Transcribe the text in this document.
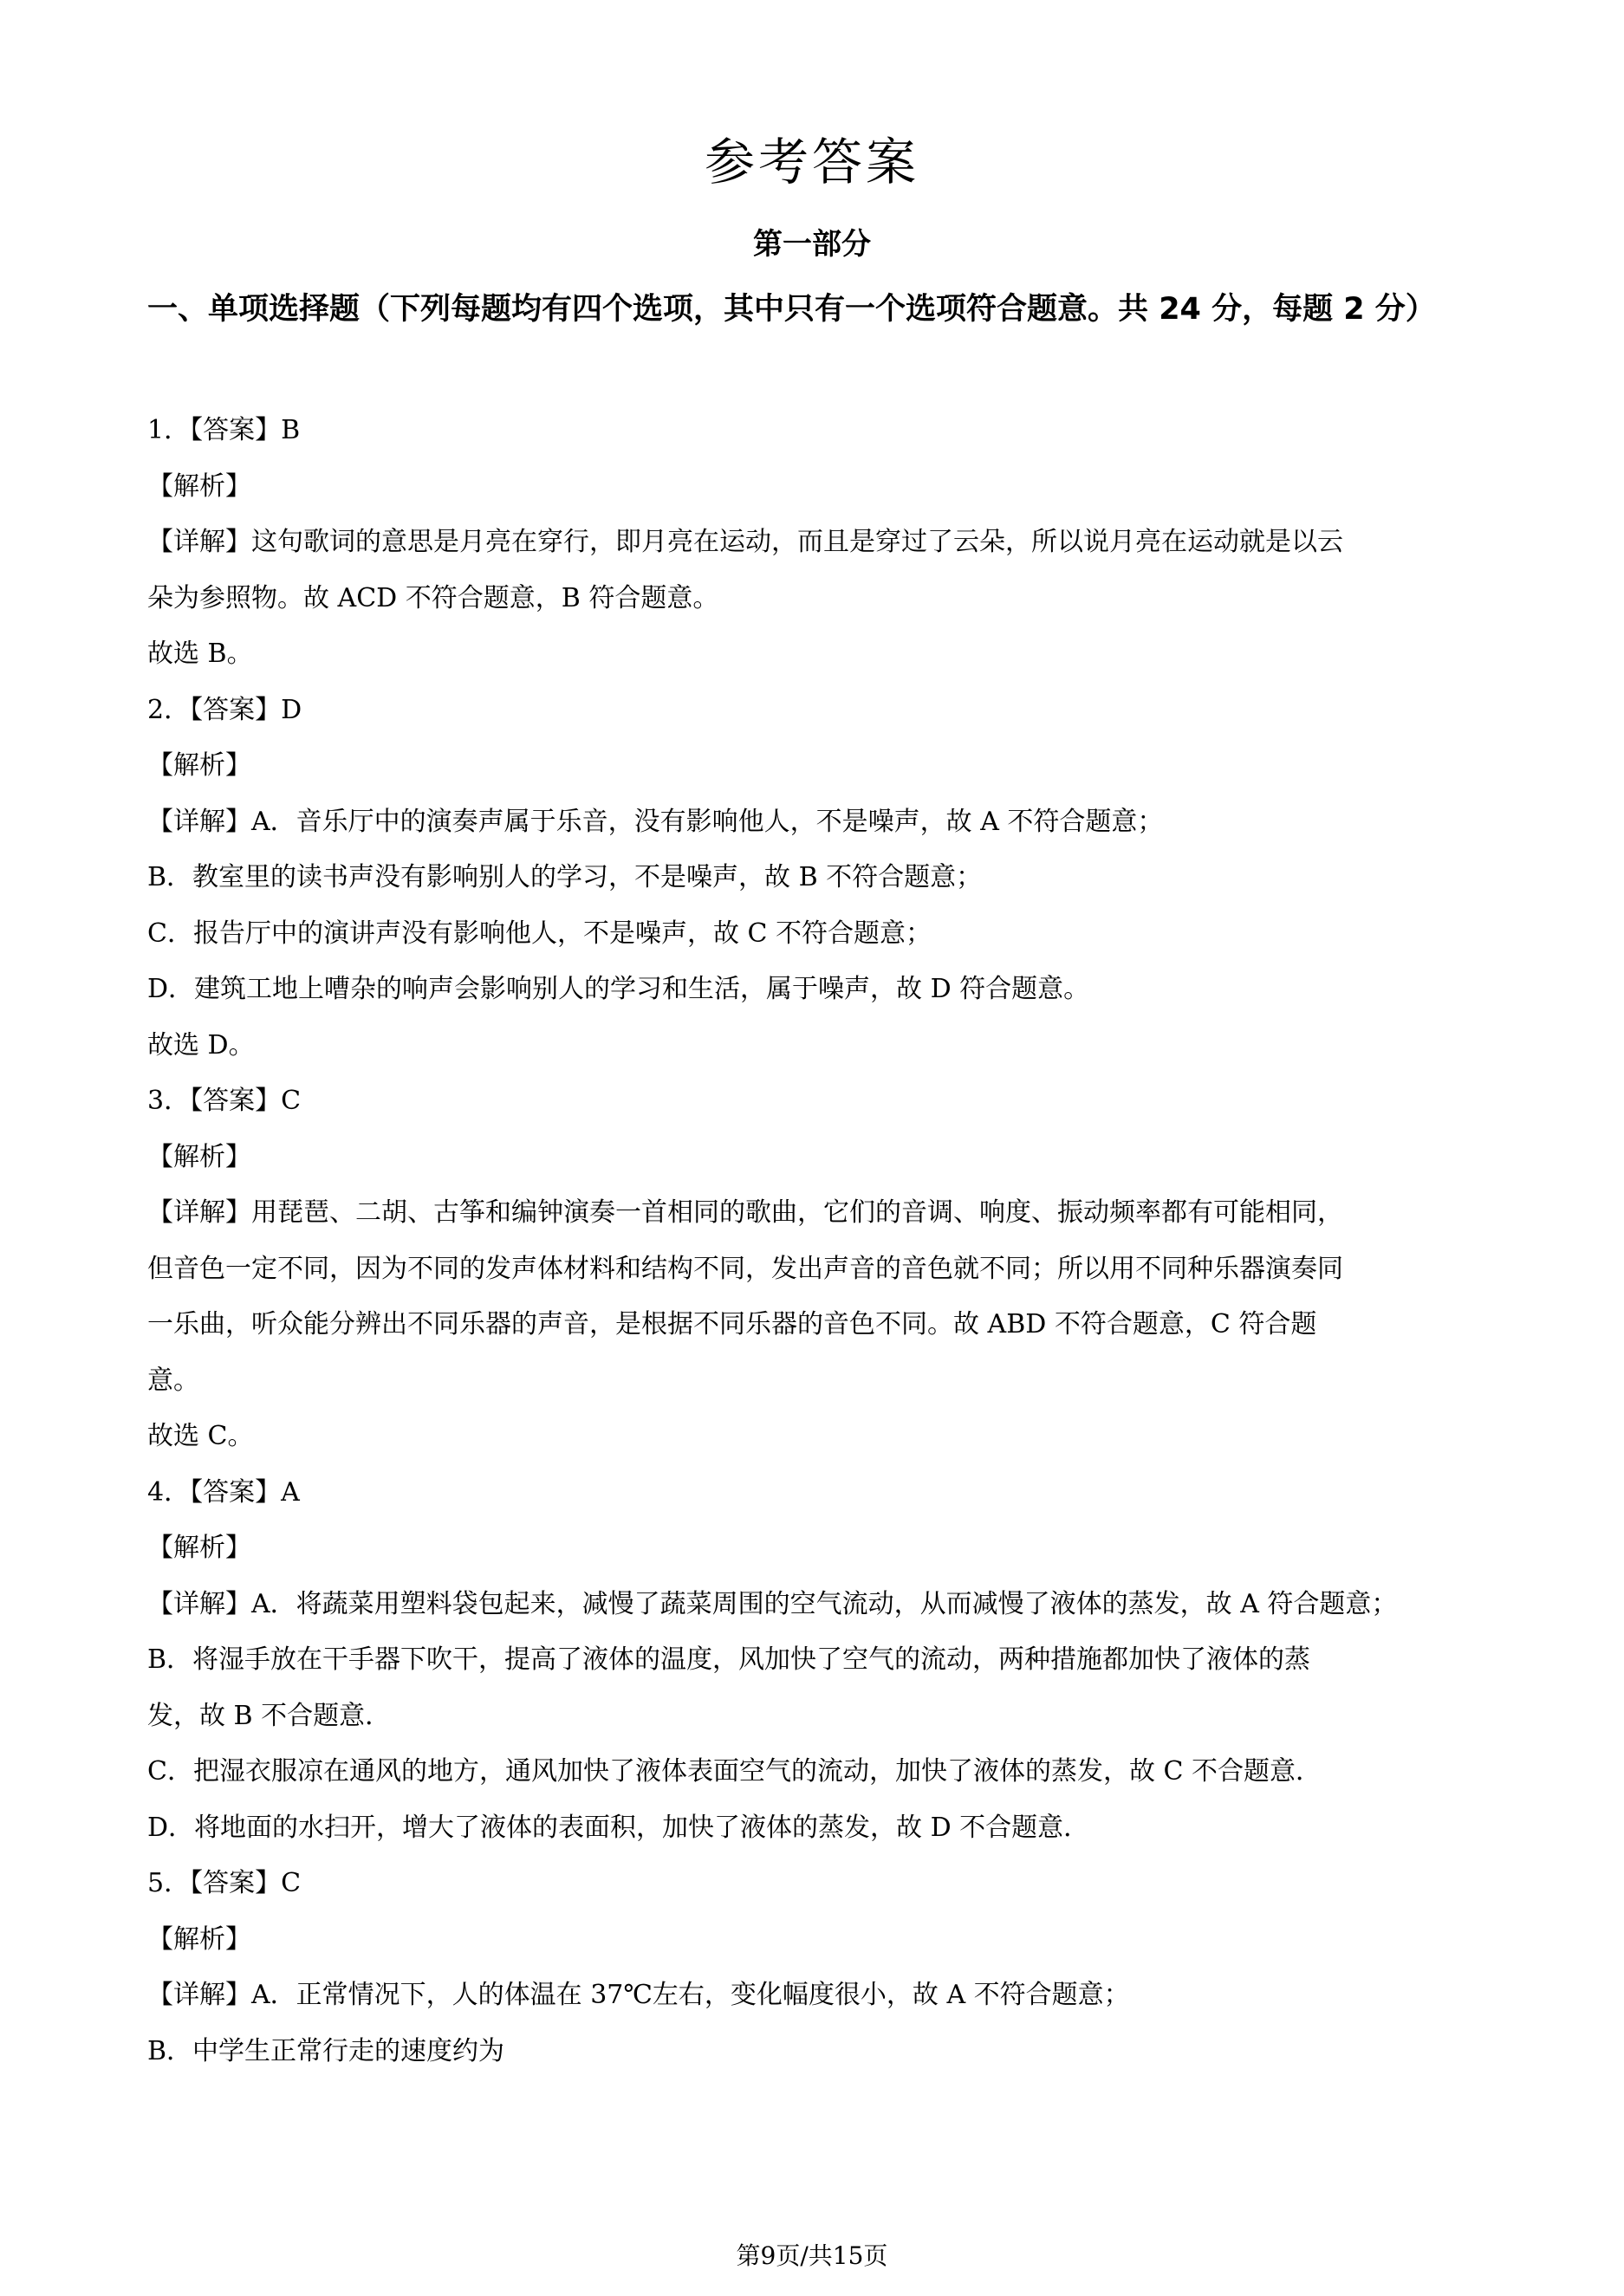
参考答案
第一部分
一、单项选择题（下列每题均有四个选项，其中只有一个选项符合题意。共 24 分，每题 2 分）
1．【答案】B
【解析】
【详解】这句歌词的意思是月亮在穿行，即月亮在运动，而且是穿过了云朵，所以说月亮在运动就是以云
朵为参照物。故 ACD 不符合题意，B 符合题意。
故选 B。
2．【答案】D
【解析】
【详解】A．音乐厅中的演奏声属于乐音，没有影响他人，不是噪声，故 A 不符合题意；
B．教室里的读书声没有影响别人的学习，不是噪声，故 B 不符合题意；
C．报告厅中的演讲声没有影响他人，不是噪声，故 C 不符合题意；
D．建筑工地上嘈杂的响声会影响别人的学习和生活，属于噪声，故 D 符合题意。
故选 D。
3．【答案】C
【解析】
【详解】用琵琶、二胡、古筝和编钟演奏一首相同的歌曲，它们的音调、响度、振动频率都有可能相同，
但音色一定不同，因为不同的发声体材料和结构不同，发出声音的音色就不同；所以用不同种乐器演奏同
一乐曲，听众能分辨出不同乐器的声音，是根据不同乐器的音色不同。故 ABD 不符合题意，C 符合题
意。
故选 C。
4．【答案】A
【解析】
【详解】A．将蔬菜用塑料袋包起来，减慢了蔬菜周围的空气流动，从而减慢了液体的蒸发，故 A 符合题意；
B．将湿手放在干手器下吹干，提高了液体的温度，风加快了空气的流动，两种措施都加快了液体的蒸
发，故 B 不合题意．
C．把湿衣服凉在通风的地方，通风加快了液体表面空气的流动，加快了液体的蒸发，故 C 不合题意．
D．将地面的水扫开，增大了液体的表面积，加快了液体的蒸发，故 D 不合题意．
5．【答案】C
【解析】
【详解】A．正常情况下，人的体温在 37℃左右，变化幅度很小，故 A 不符合题意；
B．中学生正常行走的速度约为
第9页/共15页
